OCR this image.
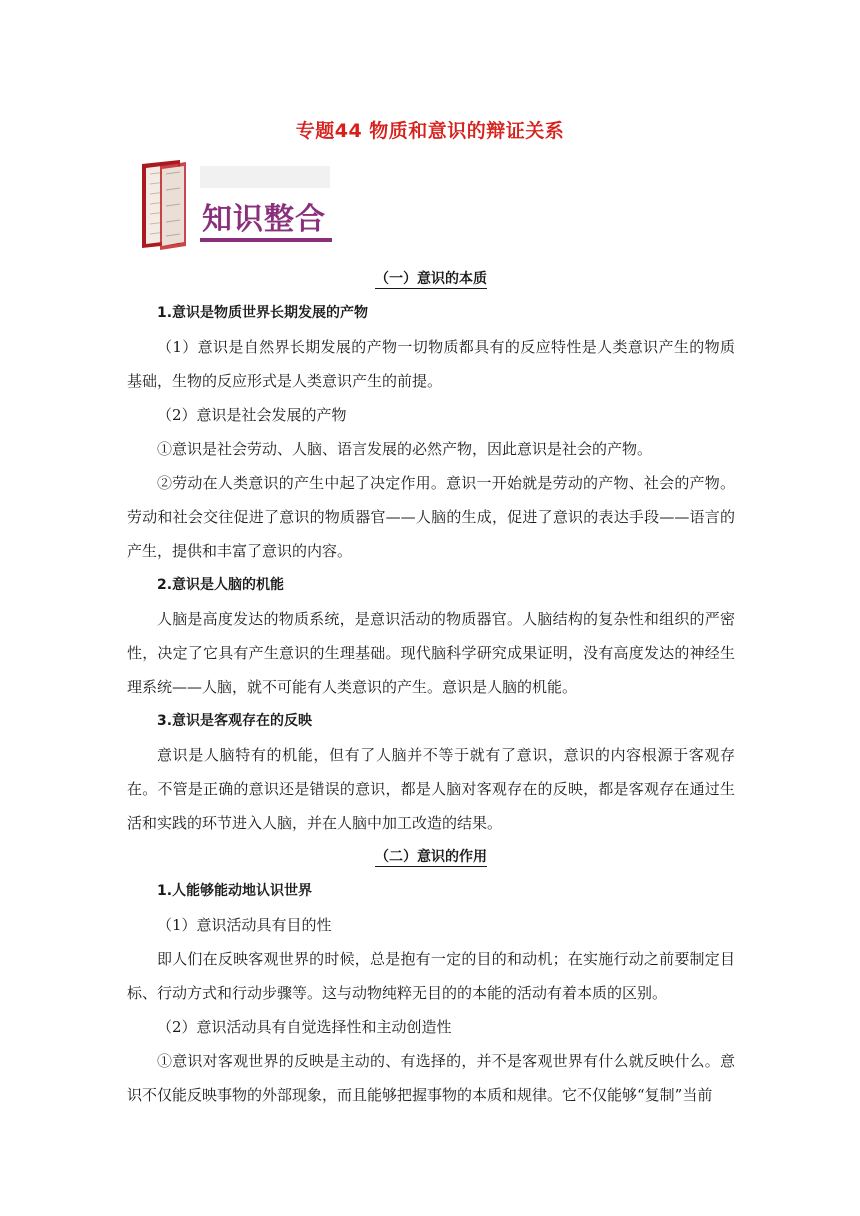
专题44 物质和意识的辩证关系
知识整合
（一）意识的本质

1.意识是物质世界长期发展的产物

（1）意识是自然界长期发展的产物一切物质都具有的反应特性是人类意识产生的物质基础，生物的反应形式是人类意识产生的前提。

（2）意识是社会发展的产物

①意识是社会劳动、人脑、语言发展的必然产物，因此意识是社会的产物。

②劳动在人类意识的产生中起了决定作用。意识一开始就是劳动的产物、社会的产物。劳动和社会交往促进了意识的物质器官——人脑的生成，促进了意识的表达手段——语言的产生，提供和丰富了意识的内容。

2.意识是人脑的机能

人脑是高度发达的物质系统，是意识活动的物质器官。人脑结构的复杂性和组织的严密性，决定了它具有产生意识的生理基础。现代脑科学研究成果证明，没有高度发达的神经生理系统——人脑，就不可能有人类意识的产生。意识是人脑的机能。

3.意识是客观存在的反映

意识是人脑特有的机能，但有了人脑并不等于就有了意识，意识的内容根源于客观存在。不管是正确的意识还是错误的意识，都是人脑对客观存在的反映，都是客观存在通过生活和实践的环节进入人脑，并在人脑中加工改造的结果。

（二）意识的作用

1.人能够能动地认识世界

（1）意识活动具有目的性

即人们在反映客观世界的时候，总是抱有一定的目的和动机；在实施行动之前要制定目标、行动方式和行动步骤等。这与动物纯粹无目的的本能的活动有着本质的区别。

（2）意识活动具有自觉选择性和主动创造性

①意识对客观世界的反映是主动的、有选择的，并不是客观世界有什么就反映什么。意识不仅能反映事物的外部现象，而且能够把握事物的本质和规律。它不仅能够“复制”当前
